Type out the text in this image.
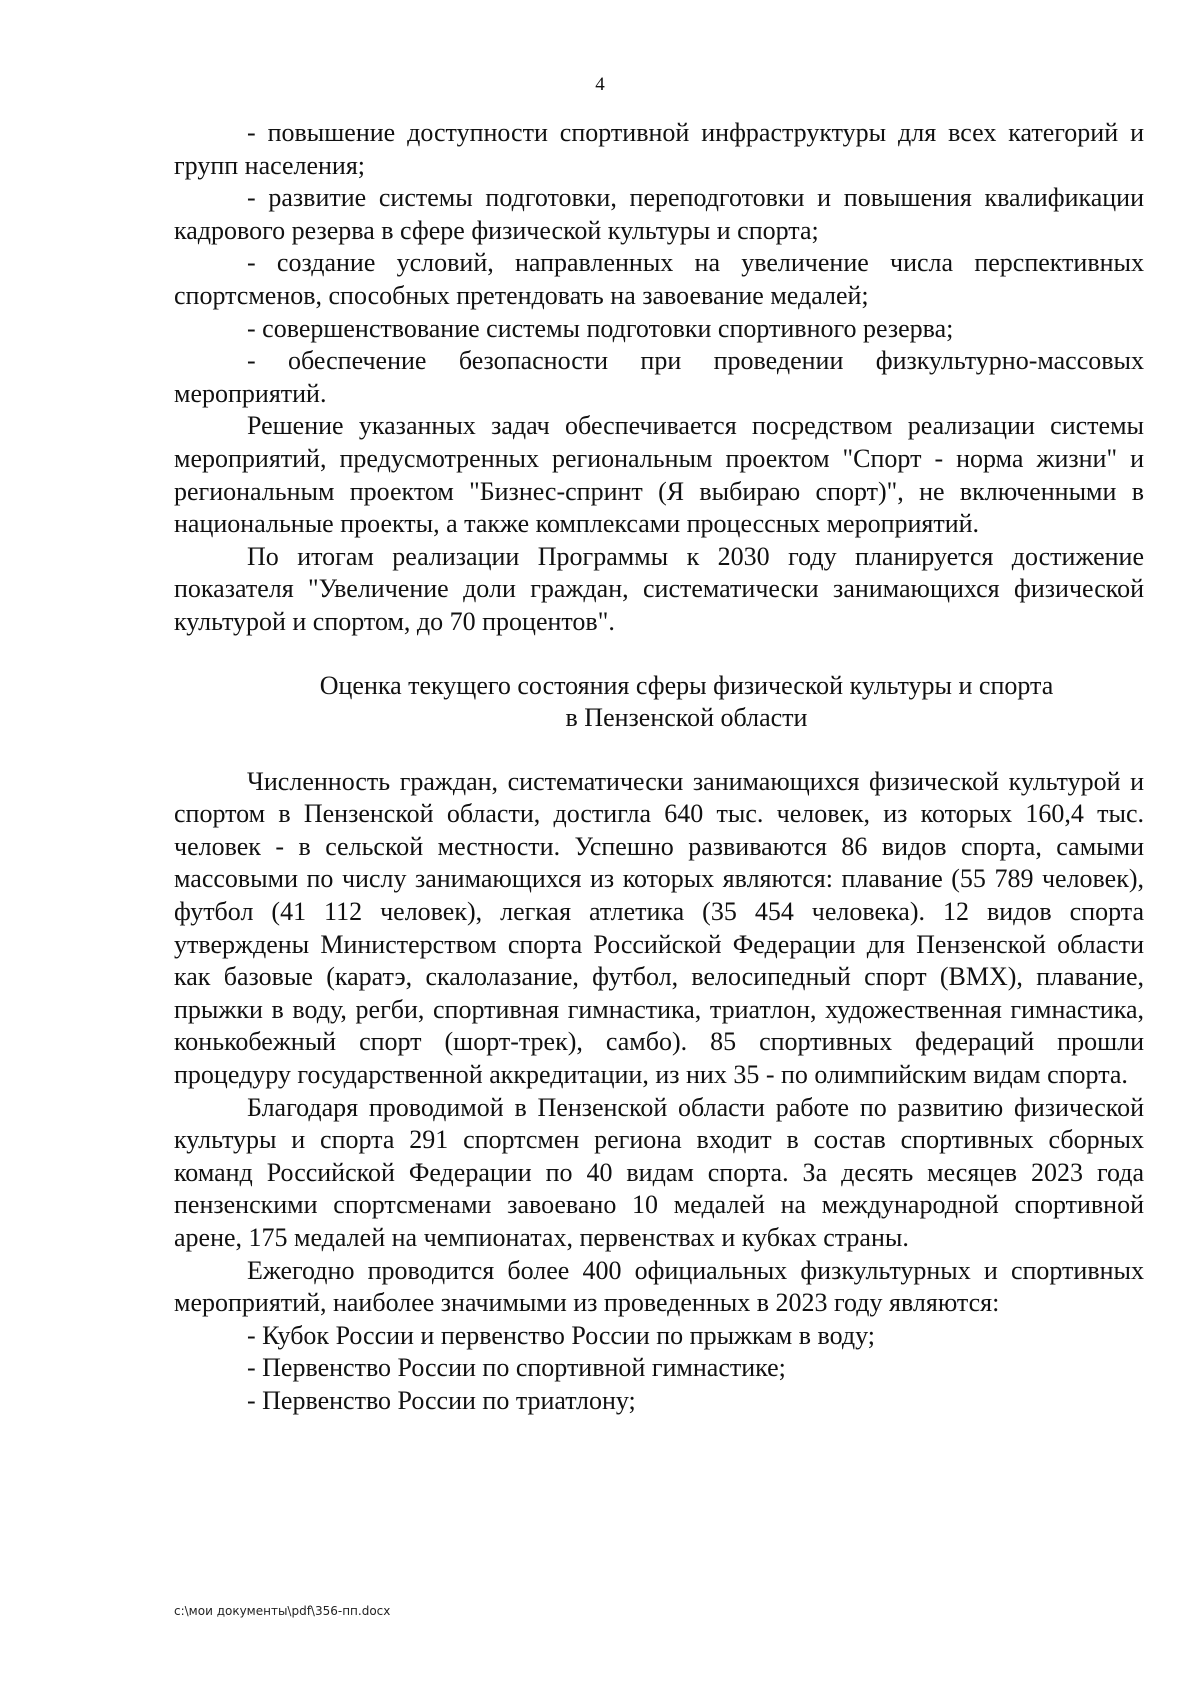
4

- повышение доступности спортивной инфраструктуры для всех категорий и групп населения;

- развитие системы подготовки, переподготовки и повышения квалификации кадрового резерва в сфере физической культуры и спорта;

- создание условий, направленных на увеличение числа перспективных спортсменов, способных претендовать на завоевание медалей;

- совершенствование системы подготовки спортивного резерва;

- обеспечение безопасности при проведении физкультурно-массовых мероприятий.

Решение указанных задач обеспечивается посредством реализации системы мероприятий, предусмотренных региональным проектом "Спорт - норма жизни" и региональным проектом "Бизнес-спринт (Я выбираю спорт)", не включенными в национальные проекты, а также комплексами процессных мероприятий.

По итогам реализации Программы к 2030 году планируется достижение показателя "Увеличение доли граждан, систематически занимающихся физической культурой и спортом, до 70 процентов".

Оценка текущего состояния сферы физической культуры и спорта
в Пензенской области

Численность граждан, систематически занимающихся физической культурой и спортом в Пензенской области, достигла 640 тыс. человек, из которых 160,4 тыс. человек - в сельской местности. Успешно развиваются 86 видов спорта, самыми массовыми по числу занимающихся из которых являются: плавание (55 789 человек), футбол (41 112 человек), легкая атлетика (35 454 человека). 12 видов спорта утверждены Министерством спорта Российской Федерации для Пензенской области как базовые (каратэ, скалолазание, футбол, велосипедный спорт (BMX), плавание, прыжки в воду, регби, спортивная гимнастика, триатлон, художественная гимнастика, конькобежный спорт (шорт-трек), самбо). 85 спортивных федераций прошли процедуру государственной аккредитации, из них 35 - по олимпийским видам спорта.

Благодаря проводимой в Пензенской области работе по развитию физической культуры и спорта 291 спортсмен региона входит в состав спортивных сборных команд Российской Федерации по 40 видам спорта. За десять месяцев 2023 года пензенскими спортсменами завоевано 10 медалей на международной спортивной арене, 175 медалей на чемпионатах, первенствах и кубках страны.

Ежегодно проводится более 400 официальных физкультурных и спортивных мероприятий, наиболее значимыми из проведенных в 2023 году являются:

- Кубок России и первенство России по прыжкам в воду;

- Первенство России по спортивной гимнастике;

- Первенство России по триатлону;

c:\мои документы\pdf\356-пп.docx
